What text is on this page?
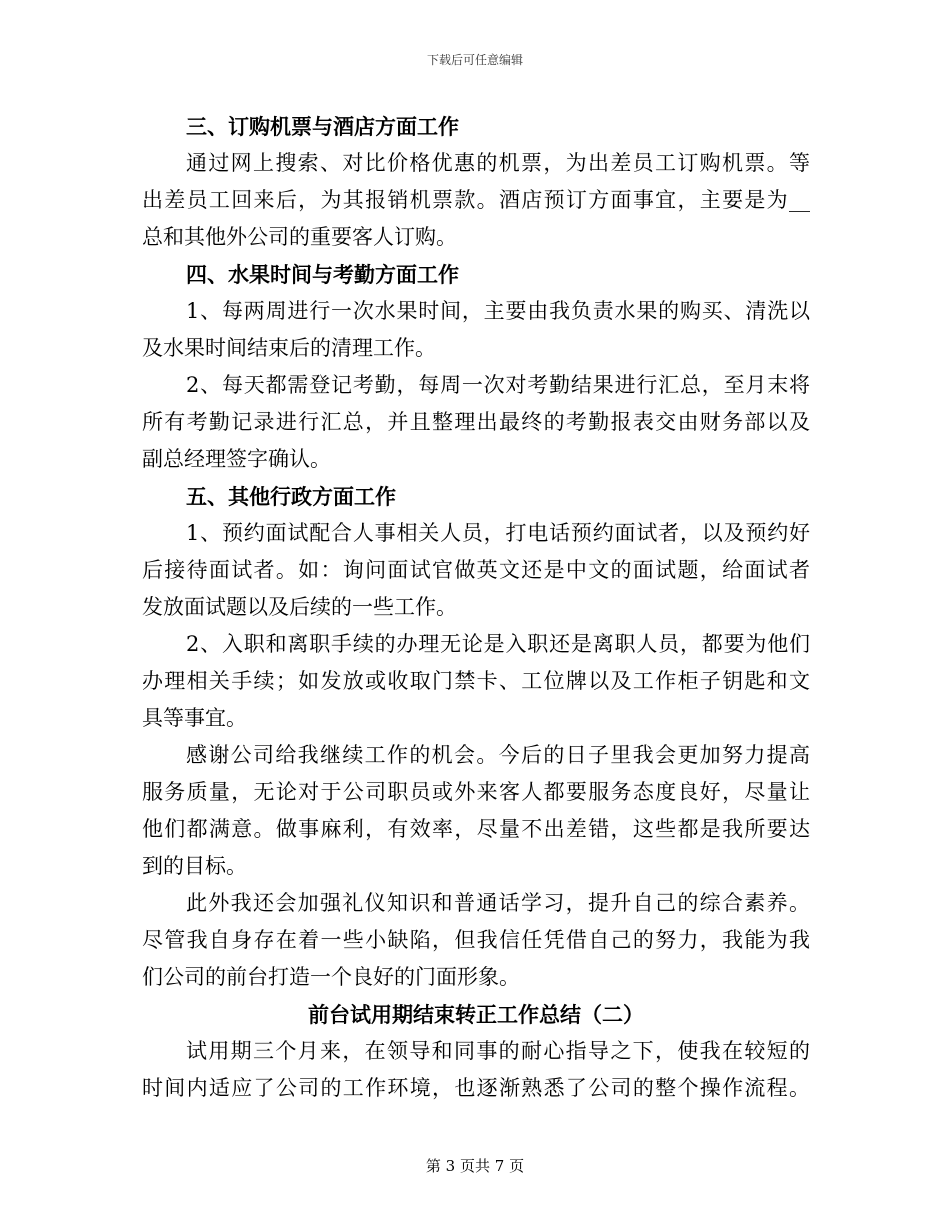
下载后可任意编辑
三、订购机票与酒店方面工作
通过网上搜索、对比价格优惠的机票，为出差员工订购机票。等
出差员工回来后，为其报销机票款。酒店预订方面事宜，主要是为__
总和其他外公司的重要客人订购。
四、水果时间与考勤方面工作
1、每两周进行一次水果时间，主要由我负责水果的购买、清洗以
及水果时间结束后的清理工作。
2、每天都需登记考勤，每周一次对考勤结果进行汇总，至月末将
所有考勤记录进行汇总，并且整理出最终的考勤报表交由财务部以及
副总经理签字确认。
五、其他行政方面工作
1、预约面试配合人事相关人员，打电话预约面试者，以及预约好
后接待面试者。如：询问面试官做英文还是中文的面试题，给面试者
发放面试题以及后续的一些工作。
2、入职和离职手续的办理无论是入职还是离职人员，都要为他们
办理相关手续；如发放或收取门禁卡、工位牌以及工作柜子钥匙和文
具等事宜。
感谢公司给我继续工作的机会。今后的日子里我会更加努力提高
服务质量，无论对于公司职员或外来客人都要服务态度良好，尽量让
他们都满意。做事麻利，有效率，尽量不出差错，这些都是我所要达
到的目标。
此外我还会加强礼仪知识和普通话学习，提升自己的综合素养。
尽管我自身存在着一些小缺陷，但我信任凭借自己的努力，我能为我
们公司的前台打造一个良好的门面形象。
前台试用期结束转正工作总结（二）
试用期三个月来，在领导和同事的耐心指导之下，使我在较短的
时间内适应了公司的工作环境，也逐渐熟悉了公司的整个操作流程。
第 3 页共 7 页
